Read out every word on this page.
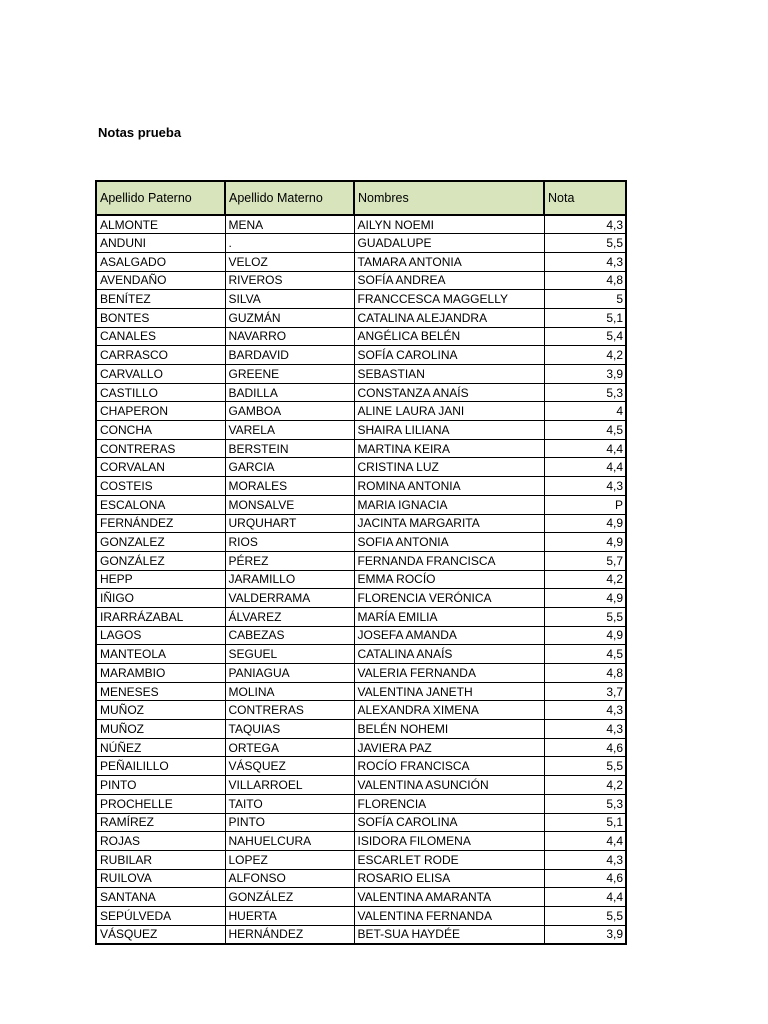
Notas prueba
Apellido Paterno	Apellido Materno	Nombres	Nota
ALMONTE	MENA	AILYN NOEMI	4,3
ANDUNI	.	GUADALUPE	5,5
ASALGADO	VELOZ	TAMARA ANTONIA	4,3
AVENDAÑO	RIVEROS	SOFÍA ANDREA	4,8
BENÍTEZ	SILVA	FRANCCESCA MAGGELLY	5
BONTES	GUZMÁN	CATALINA ALEJANDRA	5,1
CANALES	NAVARRO	ANGÉLICA BELÉN	5,4
CARRASCO	BARDAVID	SOFÍA CAROLINA	4,2
CARVALLO	GREENE	SEBASTIAN	3,9
CASTILLO	BADILLA	CONSTANZA ANAÍS	5,3
CHAPERON	GAMBOA	ALINE LAURA JANI	4
CONCHA	VARELA	SHAIRA LILIANA	4,5
CONTRERAS	BERSTEIN	MARTINA KEIRA	4,4
CORVALAN	GARCIA	CRISTINA LUZ	4,4
COSTEIS	MORALES	ROMINA ANTONIA	4,3
ESCALONA	MONSALVE	MARIA IGNACIA	P
FERNÁNDEZ	URQUHART	JACINTA MARGARITA	4,9
GONZALEZ	RIOS	SOFIA ANTONIA	4,9
GONZÁLEZ	PÉREZ	FERNANDA FRANCISCA	5,7
HEPP	JARAMILLO	EMMA ROCÍO	4,2
IÑIGO	VALDERRAMA	FLORENCIA VERÓNICA	4,9
IRARRÁZABAL	ÁLVAREZ	MARÍA EMILIA	5,5
LAGOS	CABEZAS	JOSEFA AMANDA	4,9
MANTEOLA	SEGUEL	CATALINA ANAÍS	4,5
MARAMBIO	PANIAGUA	VALERIA FERNANDA	4,8
MENESES	MOLINA	VALENTINA JANETH	3,7
MUÑOZ	CONTRERAS	ALEXANDRA XIMENA	4,3
MUÑOZ	TAQUIAS	BELÉN NOHEMI	4,3
NÚÑEZ	ORTEGA	JAVIERA PAZ	4,6
PEÑAILILLO	VÁSQUEZ	ROCÍO FRANCISCA	5,5
PINTO	VILLARROEL	VALENTINA ASUNCIÓN	4,2
PROCHELLE	TAITO	FLORENCIA	5,3
RAMÍREZ	PINTO	SOFÍA CAROLINA	5,1
ROJAS	NAHUELCURA	ISIDORA FILOMENA	4,4
RUBILAR	LOPEZ	ESCARLET RODE	4,3
RUILOVA	ALFONSO	ROSARIO ELISA	4,6
SANTANA	GONZÁLEZ	VALENTINA AMARANTA	4,4
SEPÚLVEDA	HUERTA	VALENTINA FERNANDA	5,5
VÁSQUEZ	HERNÁNDEZ	BET-SUA HAYDÉE	3,9
